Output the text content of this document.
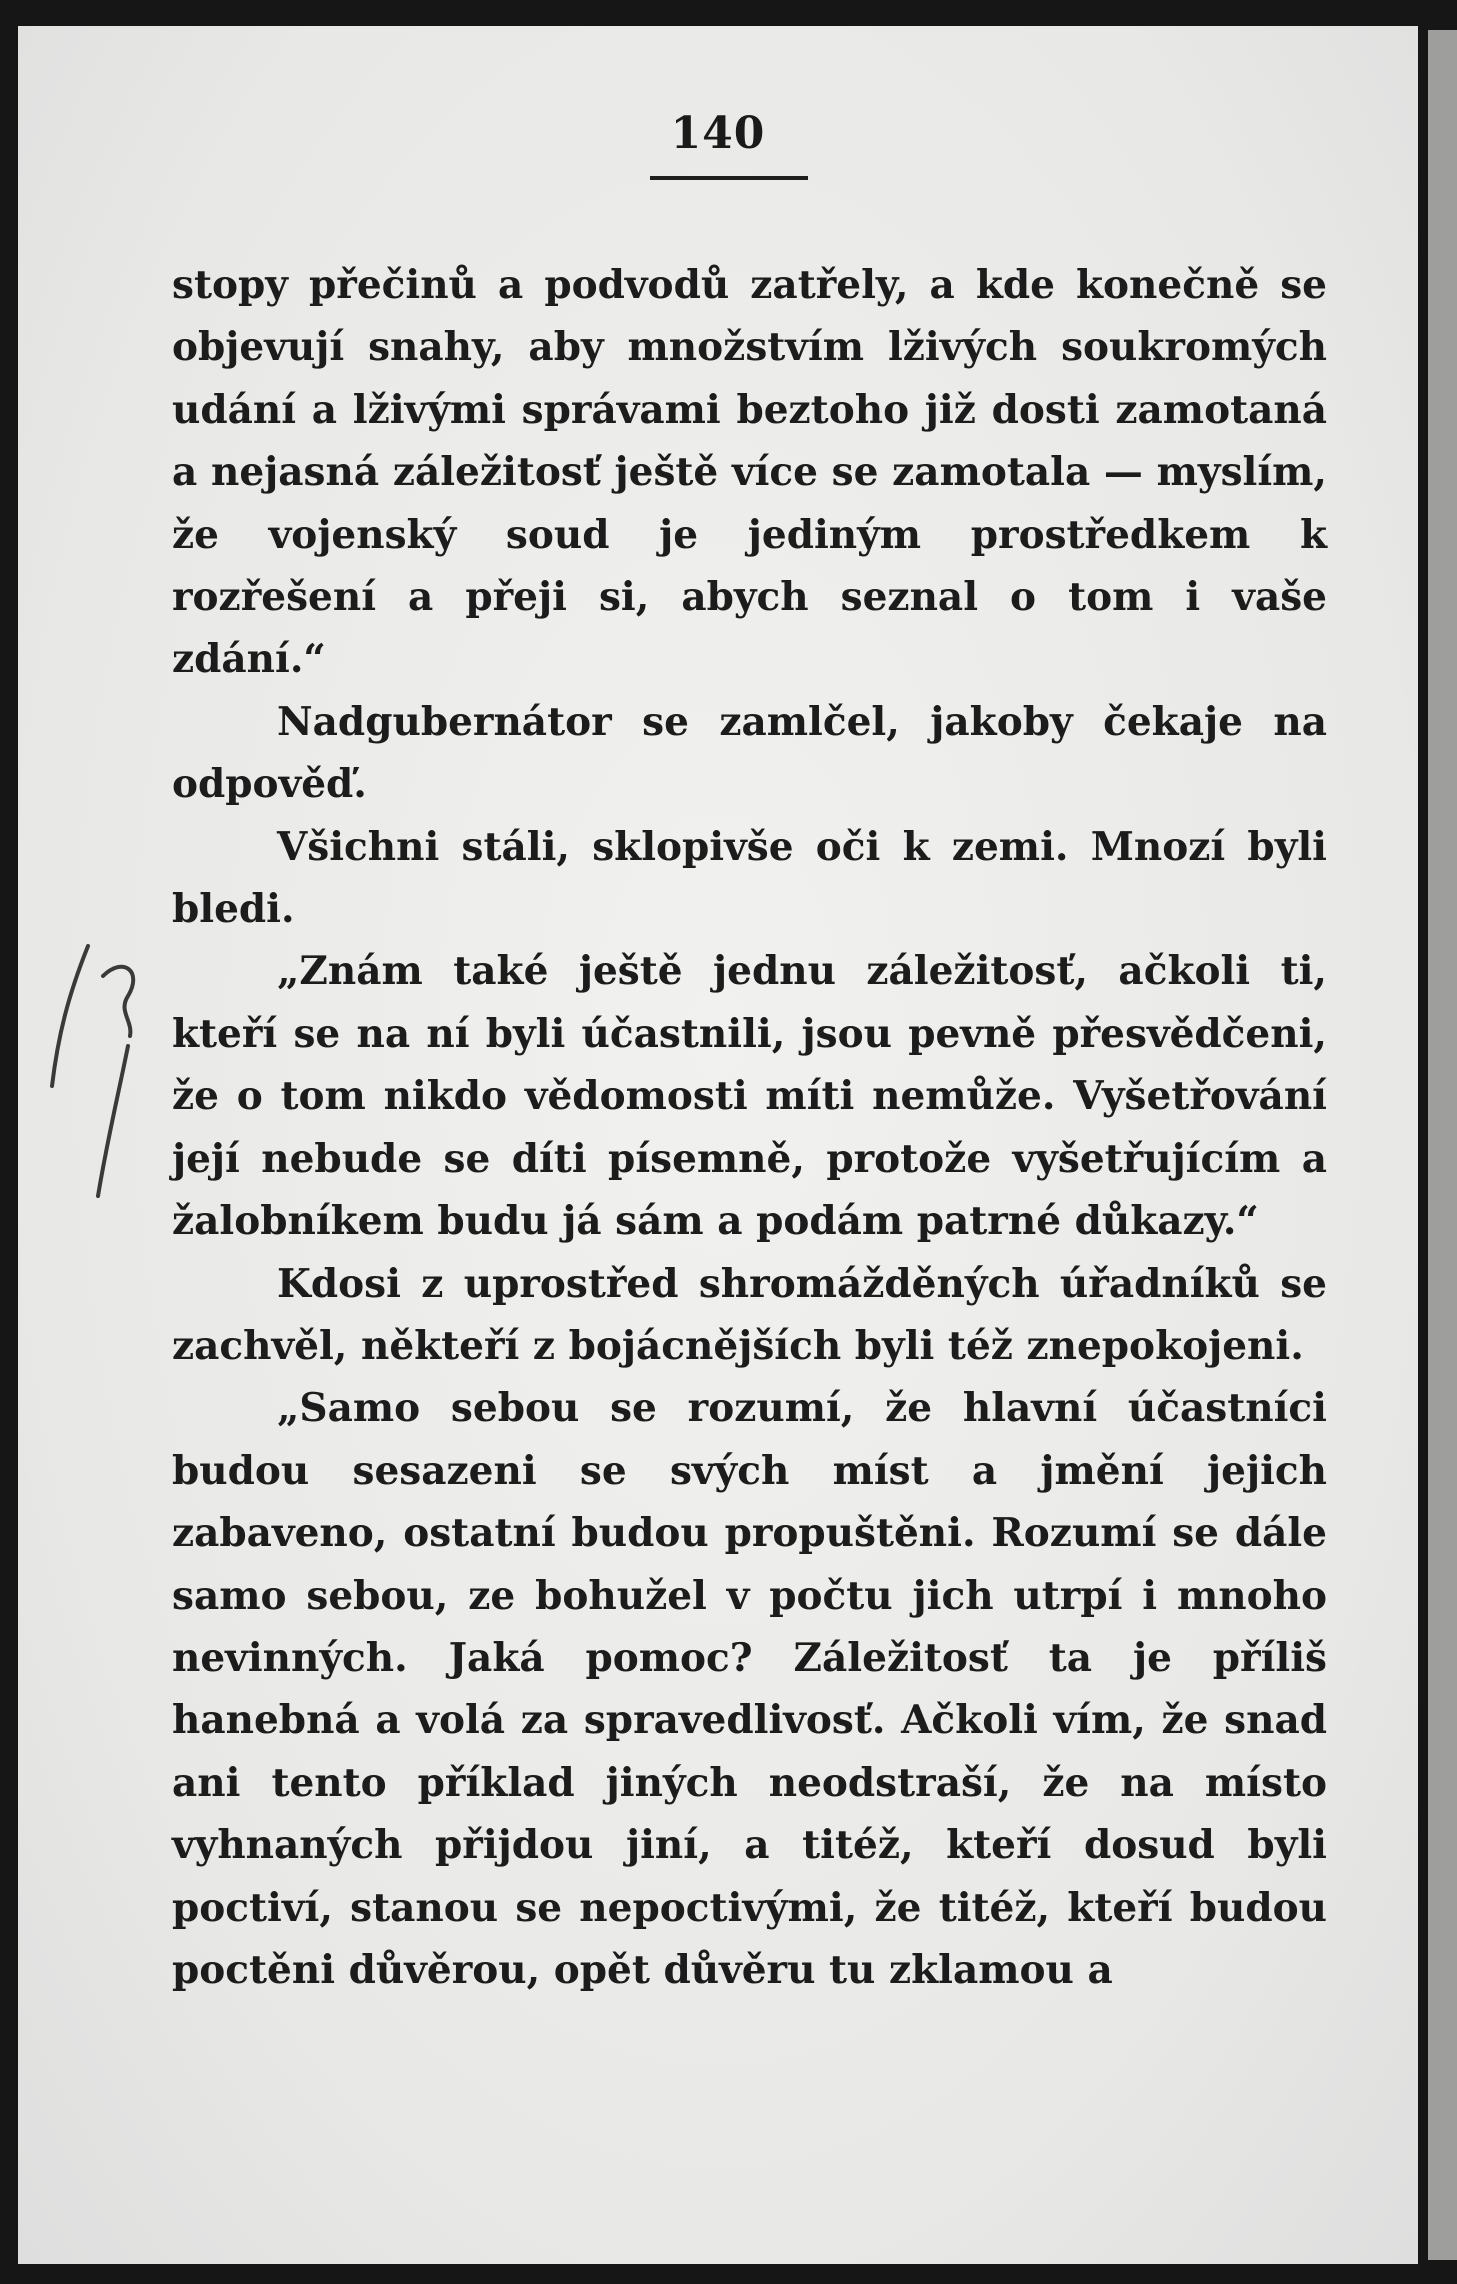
140

stopy přečinů a podvodů zatřely, a kde konečně se objevují snahy, aby množstvím lživých soukromých udání a lživými správami beztoho již dosti zamotaná a nejasná záležitosť ještě více se zamotala — myslím, že vojenský soud je jediným prostředkem k rozřešení a přeji si, abych seznal o tom i vaše zdání.“

Nadgubernátor se zamlčel, jakoby čekaje na odpověď.

Všichni stáli, sklopivše oči k zemi. Mnozí byli bledi.

„Znám také ještě jednu záležitosť, ačkoli ti, kteří se na ní byli účastnili, jsou pevně přesvědčeni, že o tom nikdo vědomosti míti nemůže. Vyšetřování její nebude se díti písemně, protože vyšetřujícím a žalobníkem budu já sám a podám patrné důkazy.“

Kdosi z uprostřed shromážděných úřadníků se zachvěl, někteří z bojácnějších byli též znepokojeni.

„Samo sebou se rozumí, že hlavní účastníci budou sesazeni se svých míst a jmění jejich zabaveno, ostatní budou propuštěni. Rozumí se dále samo sebou, ze bohužel v počtu jich utrpí i mnoho nevinných. Jaká pomoc? Záležitosť ta je příliš hanebná a volá za spravedlivosť. Ačkoli vím, že snad ani tento příklad jiných neodstraší, že na místo vyhnaných přijdou jiní, a titéž, kteří dosud byli poctiví, stanou se nepoctivými, že titéž, kteří budou poctěni důvěrou, opět důvěru tu zklamou a
